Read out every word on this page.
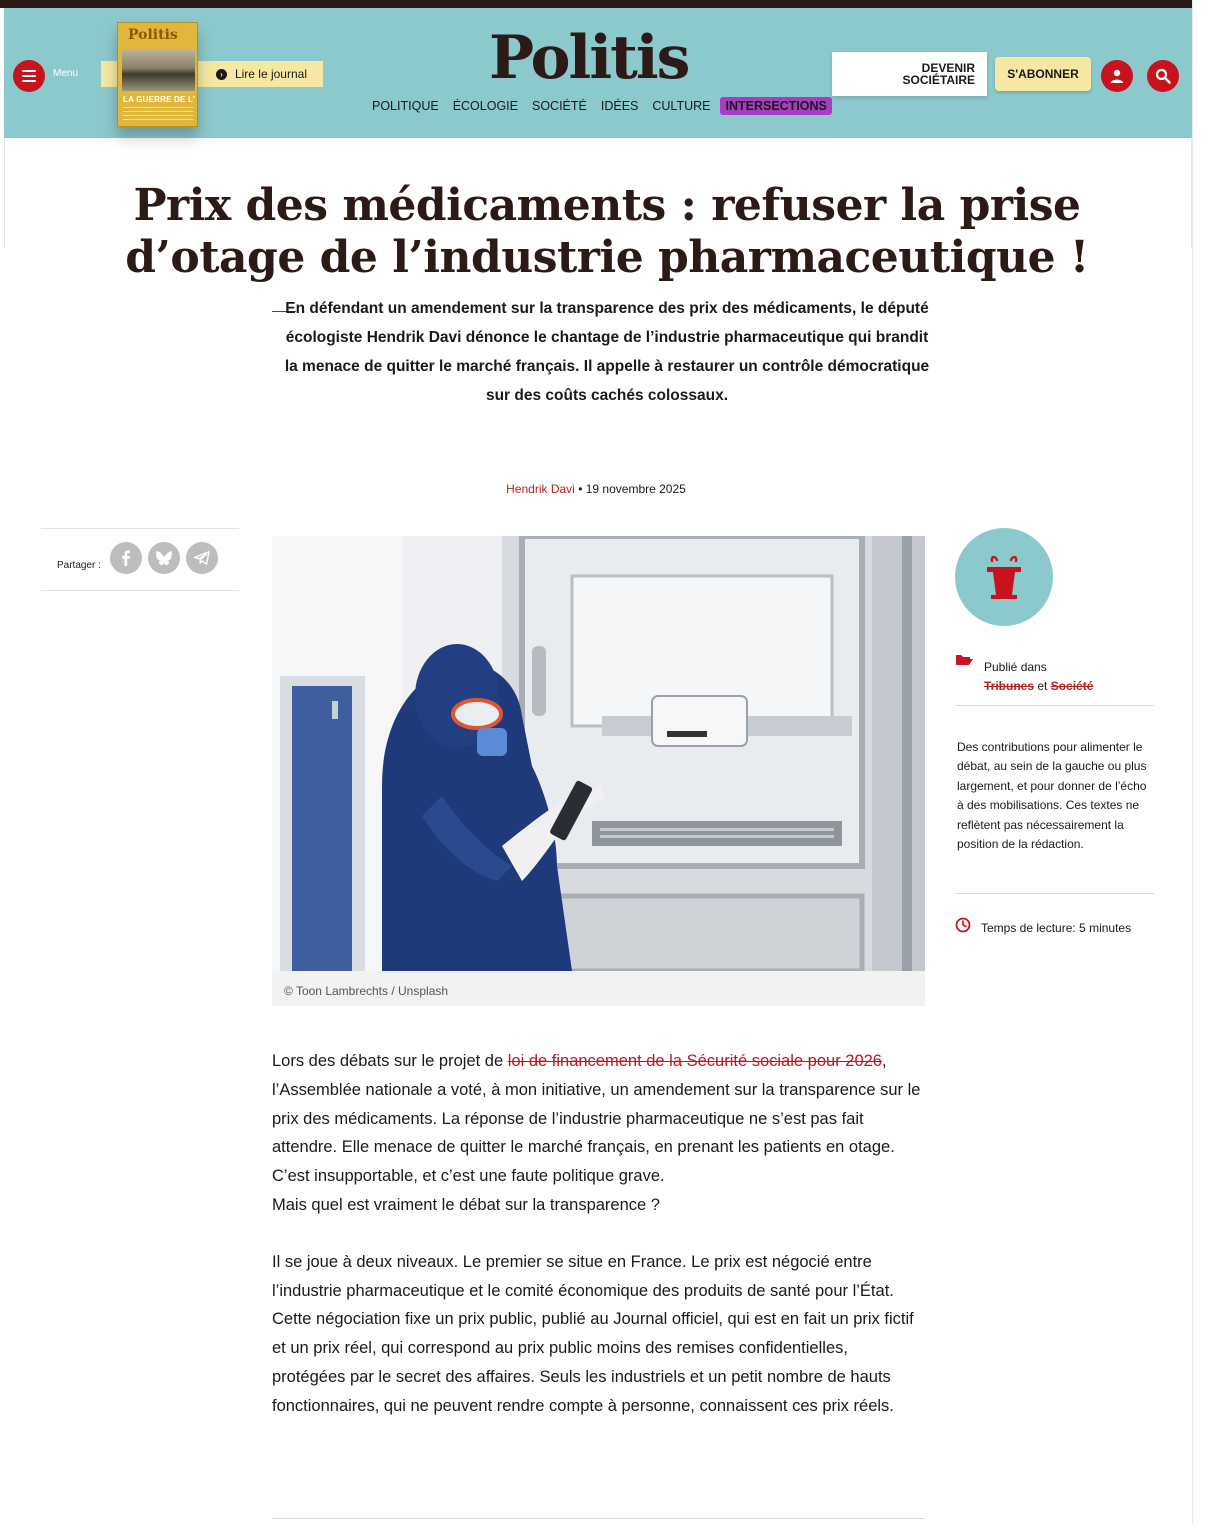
Menu	›	Lire le journal
Politis
LA GUERRE DE L'
Politis
POLITIQUE	ÉCOLOGIE	SOCIÉTÉ	IDÉES	CULTURE	INTERSECTIONS
DEVENIR
SOCIÉTAIRE	S'ABONNER
Prix des médicaments : refuser la prise
d’otage de l’industrie pharmaceutique !

En défendant un amendement sur la transparence des prix des médicaments, le député écologiste Hendrik Davi dénonce le chantage de l’industrie pharmaceutique qui brandit la menace de quitter le marché français. Il appelle à restaurer un contrôle démocratique sur des coûts cachés colossaux.

Hendrik Davi • 19 novembre 2025
Partager :
© Toon Lambrechts / Unsplash
Publié dans
Tribunes et Société

Des contributions pour alimenter le débat, au sein de la gauche ou plus largement, et pour donner de l’écho à des mobilisations. Ces textes ne reflètent pas nécessairement la position de la rédaction.

Temps de lecture : 5 minutes

Lors des débats sur le projet de loi de financement de la Sécurité sociale pour 2026, l’Assemblée nationale a voté, à mon initiative, un amendement sur la transparence sur le prix des médicaments. La réponse de l’industrie pharmaceutique ne s’est pas fait attendre. Elle menace de quitter le marché français, en prenant les patients en otage. C’est insupportable, et c’est une faute politique grave.
Mais quel est vraiment le débat sur la transparence ?

Il se joue à deux niveaux. Le premier se situe en France. Le prix est négocié entre l’industrie pharmaceutique et le comité économique des produits de santé pour l’État. Cette négociation fixe un prix public, publié au Journal officiel, qui est en fait un prix fictif et un prix réel, qui correspond au prix public moins des remises confidentielles, protégées par le secret des affaires. Seuls les industriels et un petit nombre de hauts fonctionnaires, qui ne peuvent rendre compte à personne, connaissent ces prix réels.
